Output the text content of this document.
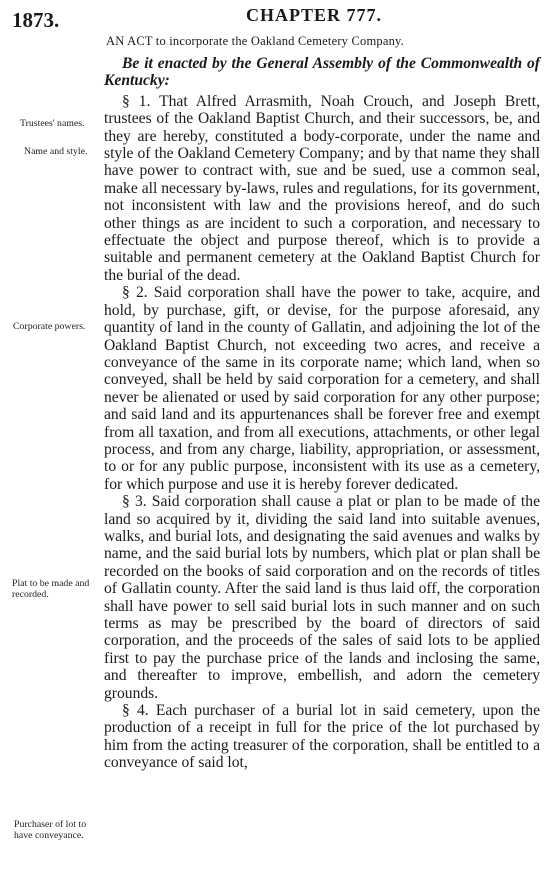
1873.	CHAPTER 777.
AN ACT to incorporate the Oakland Cemetery Company.

Be it enacted by the General Assembly of the Commonwealth of Kentucky:

§ 1. That Alfred Arrasmith, Noah Crouch, and Joseph Brett, trustees of the Oakland Baptist Church, and their successors, be, and they are hereby, constituted a body-corporate, under the name and style of the Oakland Cemetery Company; and by that name they shall have power to contract with, sue and be sued, use a common seal, make all necessary by-laws, rules and regulations, for its government, not inconsistent with law and the provisions hereof, and do such other things as are incident to such a corporation, and necessary to effectuate the object and purpose thereof, which is to provide a suitable and permanent cemetery at the Oakland Baptist Church for the burial of the dead.

§ 2. Said corporation shall have the power to take, acquire, and hold, by purchase, gift, or devise, for the purpose aforesaid, any quantity of land in the county of Gallatin, and adjoining the lot of the Oakland Baptist Church, not exceeding two acres, and receive a conveyance of the same in its corporate name; which land, when so conveyed, shall be held by said corporation for a cemetery, and shall never be alienated or used by said corporation for any other purpose; and said land and its appurtenances shall be forever free and exempt from all taxation, and from all executions, attachments, or other legal process, and from any charge, liability, appropriation, or assessment, to or for any public purpose, inconsistent with its use as a cemetery, for which purpose and use it is hereby forever dedicated.

§ 3. Said corporation shall cause a plat or plan to be made of the land so acquired by it, dividing the said land into suitable avenues, walks, and burial lots, and designating the said avenues and walks by name, and the said burial lots by numbers, which plat or plan shall be recorded on the books of said corporation and on the records of titles of Gallatin county. After the said land is thus laid off, the corporation shall have power to sell said burial lots in such manner and on such terms as may be prescribed by the board of directors of said corporation, and the proceeds of the sales of said lots to be applied first to pay the purchase price of the lands and inclosing the same, and thereafter to improve, embellish, and adorn the cemetery grounds.

§ 4. Each purchaser of a burial lot in said cemetery, upon the production of a receipt in full for the price of the lot purchased by him from the acting treasurer of the corporation, shall be entitled to a conveyance of said lot,

Trustees' names.
Name and style.
Corporate powers.
Plat to be made and recorded.
Purchaser of lot to have conveyance.
